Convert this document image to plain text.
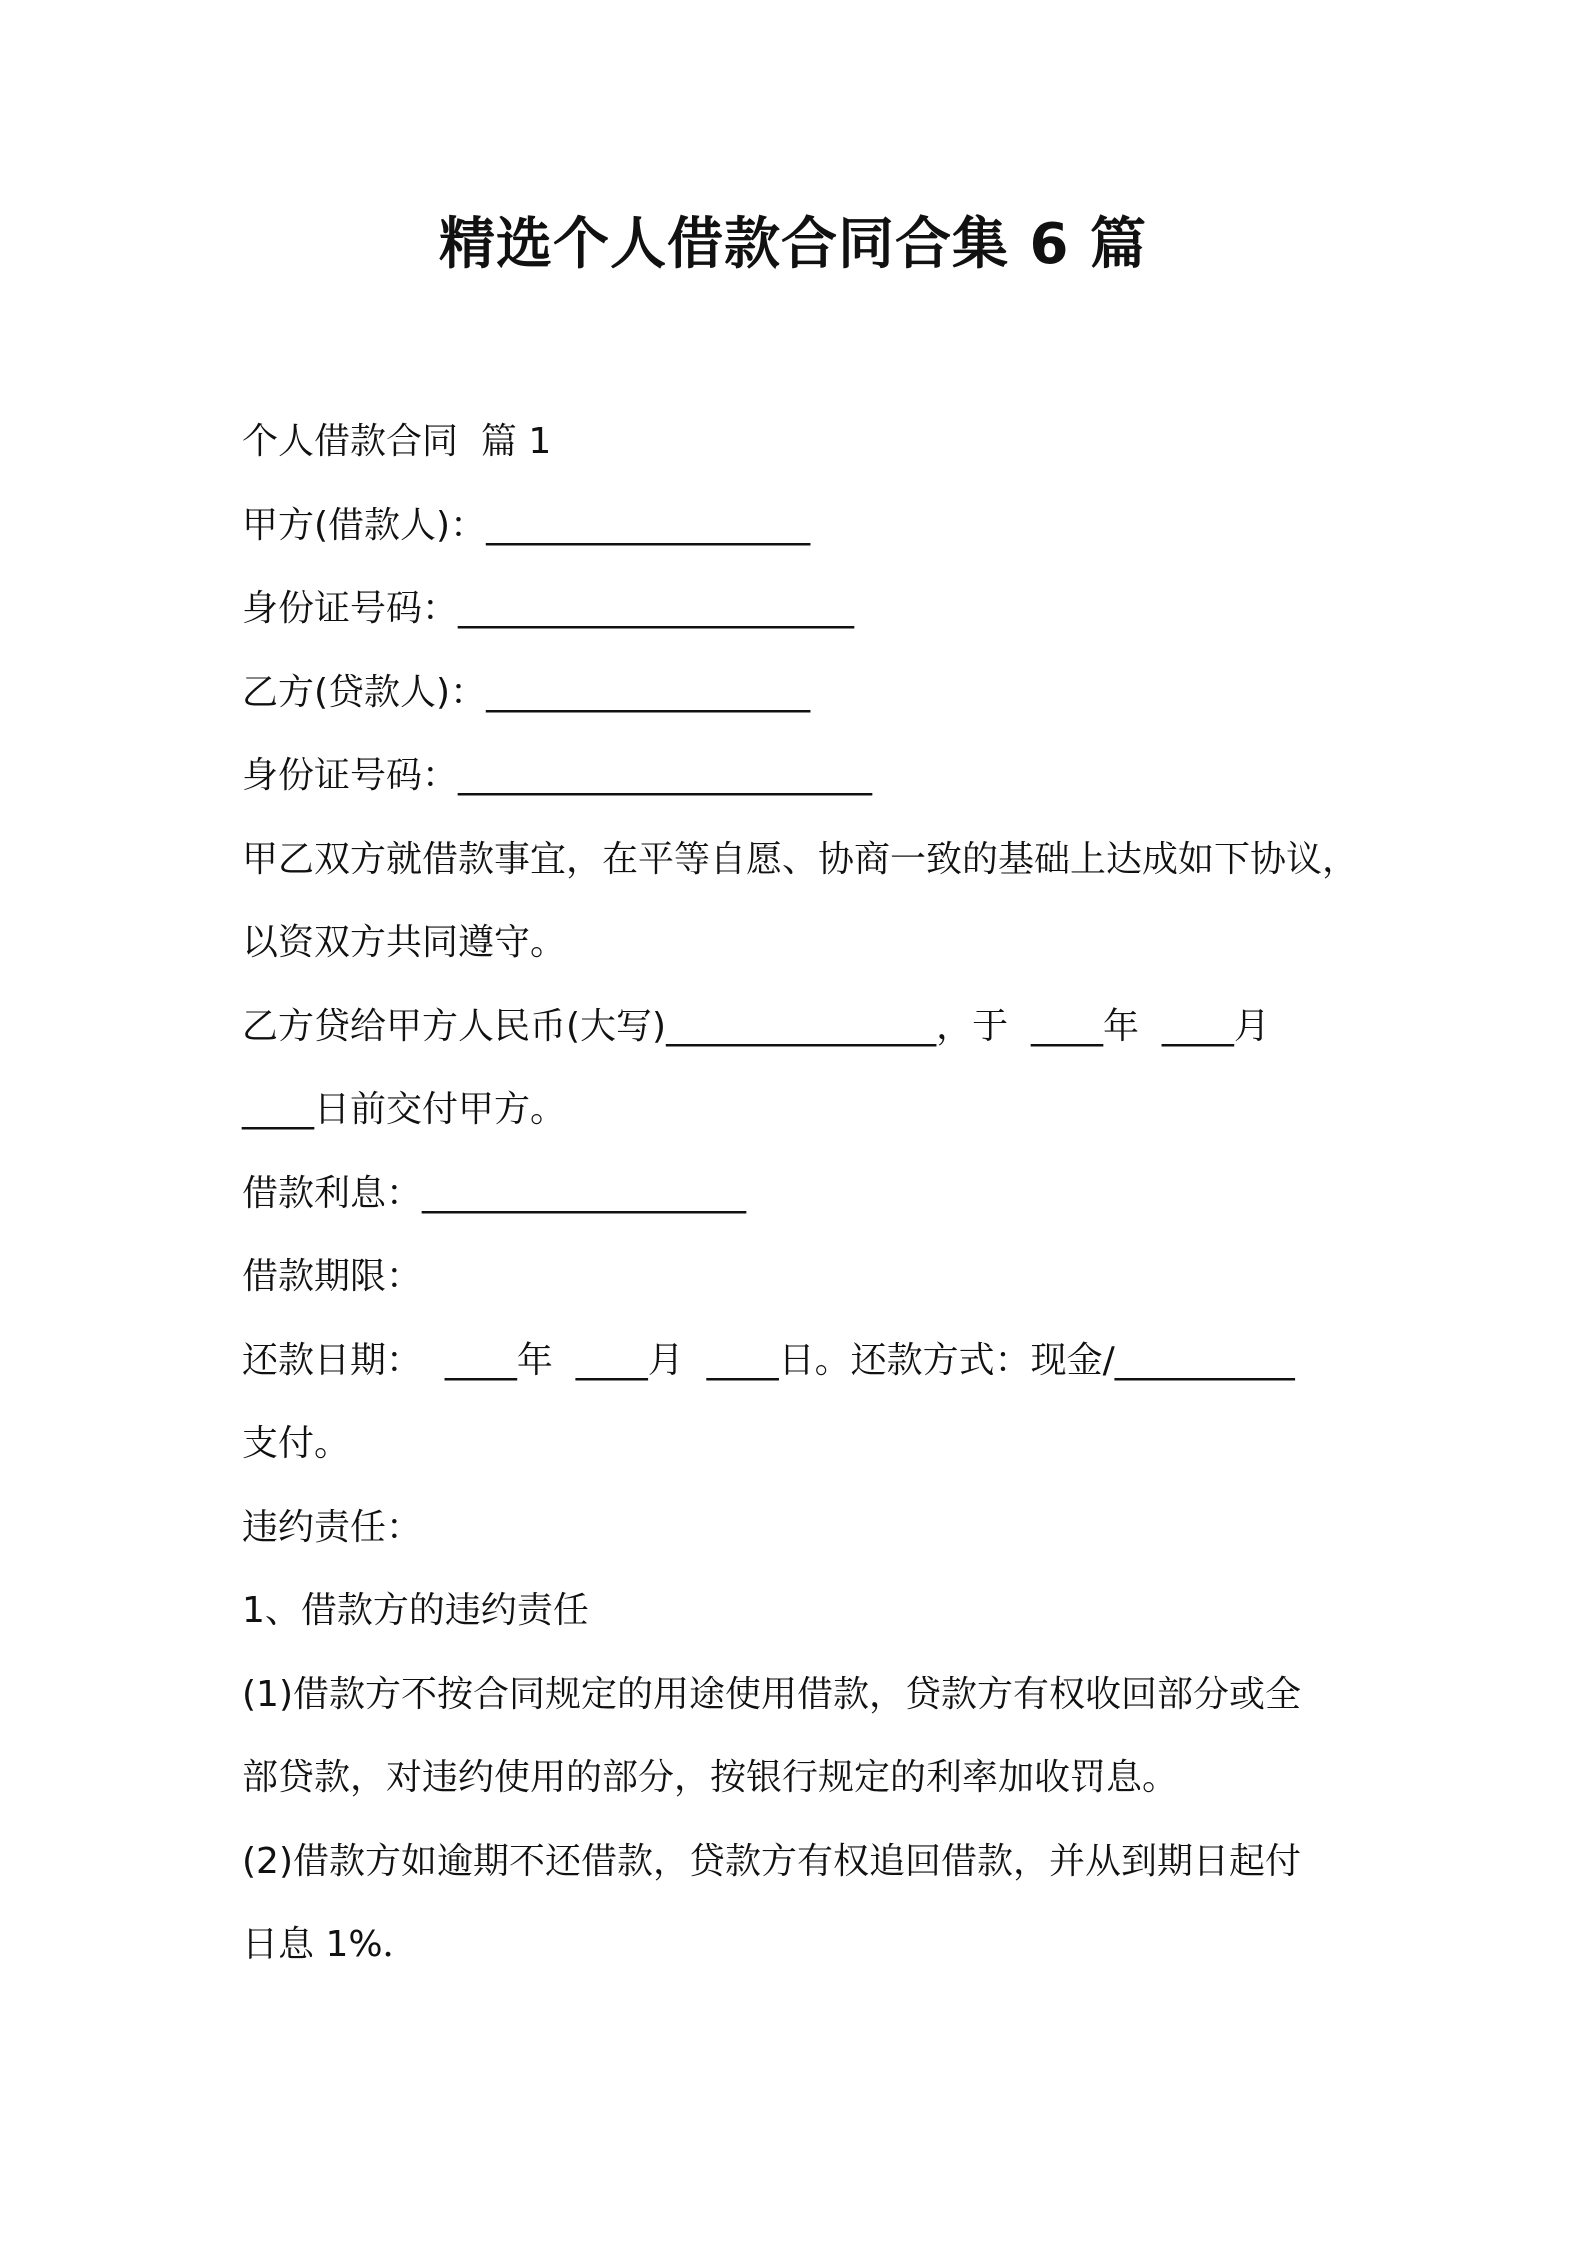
精选个人借款合同合集 6 篇

个人借款合同  篇 1

甲方(借款人)：__________________

身份证号码：______________________

乙方(贷款人)：__________________

身份证号码：_______________________

甲乙双方就借款事宜，在平等自愿、协商一致的基础上达成如下协议，

以资双方共同遵守。

乙方贷给甲方人民币(大写)_______________，于  ____年  ____月

____日前交付甲方。

借款利息：__________________

借款期限：

还款日期：  ____年  ____月  ____日。还款方式：现金/__________

支付。

违约责任：

1、借款方的违约责任

(1)借款方不按合同规定的用途使用借款，贷款方有权收回部分或全

部贷款，对违约使用的部分，按银行规定的利率加收罚息。

(2)借款方如逾期不还借款，贷款方有权追回借款，并从到期日起付

日息 1%．
